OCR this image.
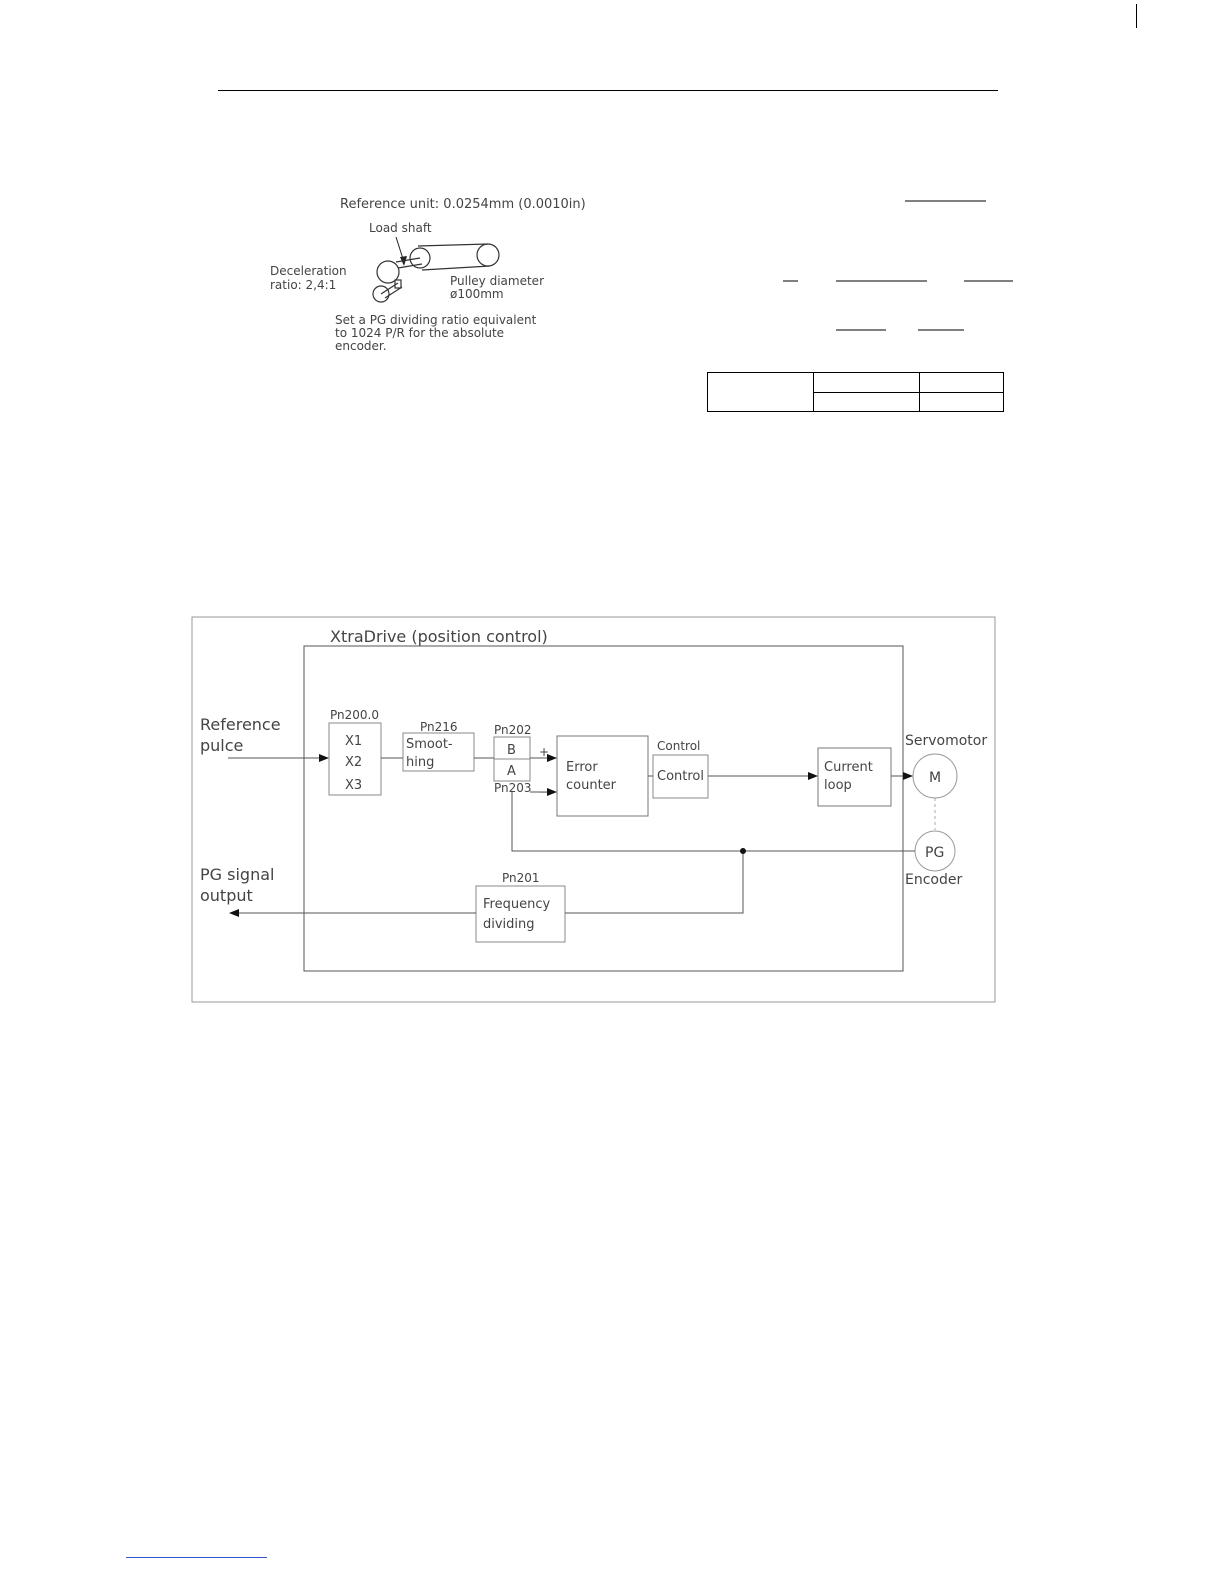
Reference unit: 0.0254mm (0.0010in)
Load shaft
Deceleration
ratio: 2,4:1	Pulley diameter
ø100mm
Set a PG dividing ratio equivalent
to 1024 P/R for the absolute
encoder.

XtraDrive (position control)
Reference
pulce
PG signal
output
Pn200.0
X1
X2
X3
Pn216
Smoot-
hing
Pn202
B
A
Pn203
+
−
Error
counter
Control
Control
Current
loop
Servomotor
M
PG
Encoder
Pn201
Frequency
dividing
